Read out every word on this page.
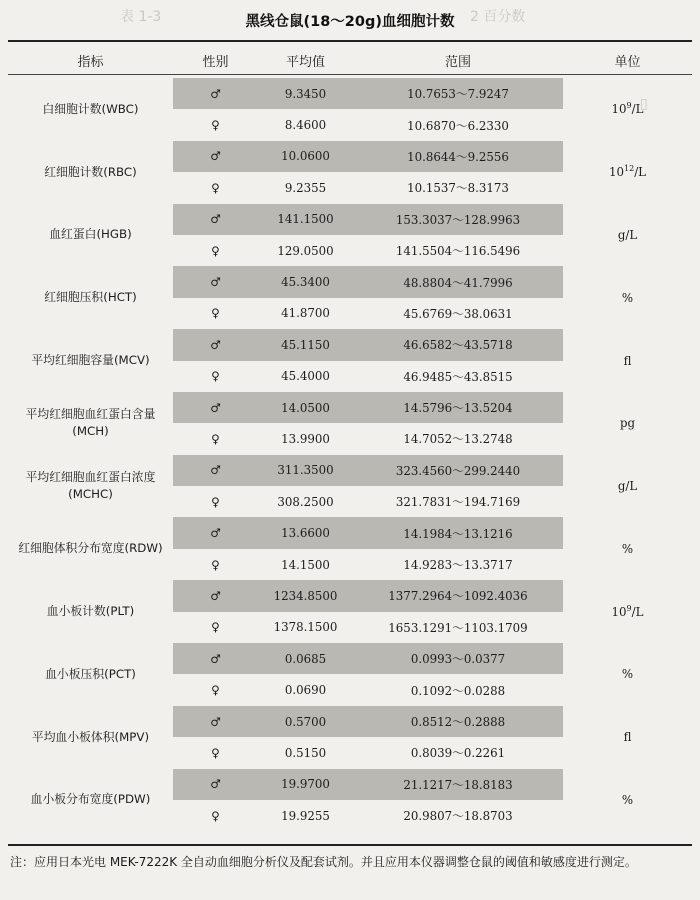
表 1-3	2 百分数
▯
黑线仓鼠(18～20g)血细胞计数
指标	性别	平均值	范围	单位
白细胞计数(WBC)	♂	9.3450	10.7653～7.9247	$10^9/L$
	♀	8.4600	10.6870～6.2330	
红细胞计数(RBC)	♂	10.0600	10.8644～9.2556	$10^{12}/L$
	♀	9.2355	10.1537～8.3173	
血红蛋白(HGB)	♂	141.1500	153.3037～128.9963	g/L
	♀	129.0500	141.5504～116.5496	
红细胞压积(HCT)	♂	45.3400	48.8804～41.7996	%
	♀	41.8700	45.6769～38.0631	
平均红细胞容量(MCV)	♂	45.1150	46.6582～43.5718	fl
	♀	45.4000	46.9485～43.8515	
平均红细胞血红蛋白含量(MCH)	♂	14.0500	14.5796～13.5204	pg
	♀	13.9900	14.7052～13.2748	
平均红细胞血红蛋白浓度(MCHC)	♂	311.3500	323.4560～299.2440	g/L
	♀	308.2500	321.7831～194.7169	
红细胞体积分布宽度(RDW)	♂	13.6600	14.1984～13.1216	%
	♀	14.1500	14.9283～13.3717	
血小板计数(PLT)	♂	1234.8500	1377.2964～1092.4036	$10^9/L$
	♀	1378.1500	1653.1291～1103.1709	
血小板压积(PCT)	♂	0.0685	0.0993～0.0377	%
	♀	0.0690	0.1092～0.0288	
平均血小板体积(MPV)	♂	0.5700	0.8512～0.2888	fl
	♀	0.5150	0.8039～0.2261	
血小板分布宽度(PDW)	♂	19.9700	21.1217～18.8183	%
	♀	19.9255	20.9807～18.8703	
注：应用日本光电 MEK-7222K 全自动血细胞分析仪及配套试剂。并且应用本仪器调整仓鼠的阈值和敏感度进行测定。
